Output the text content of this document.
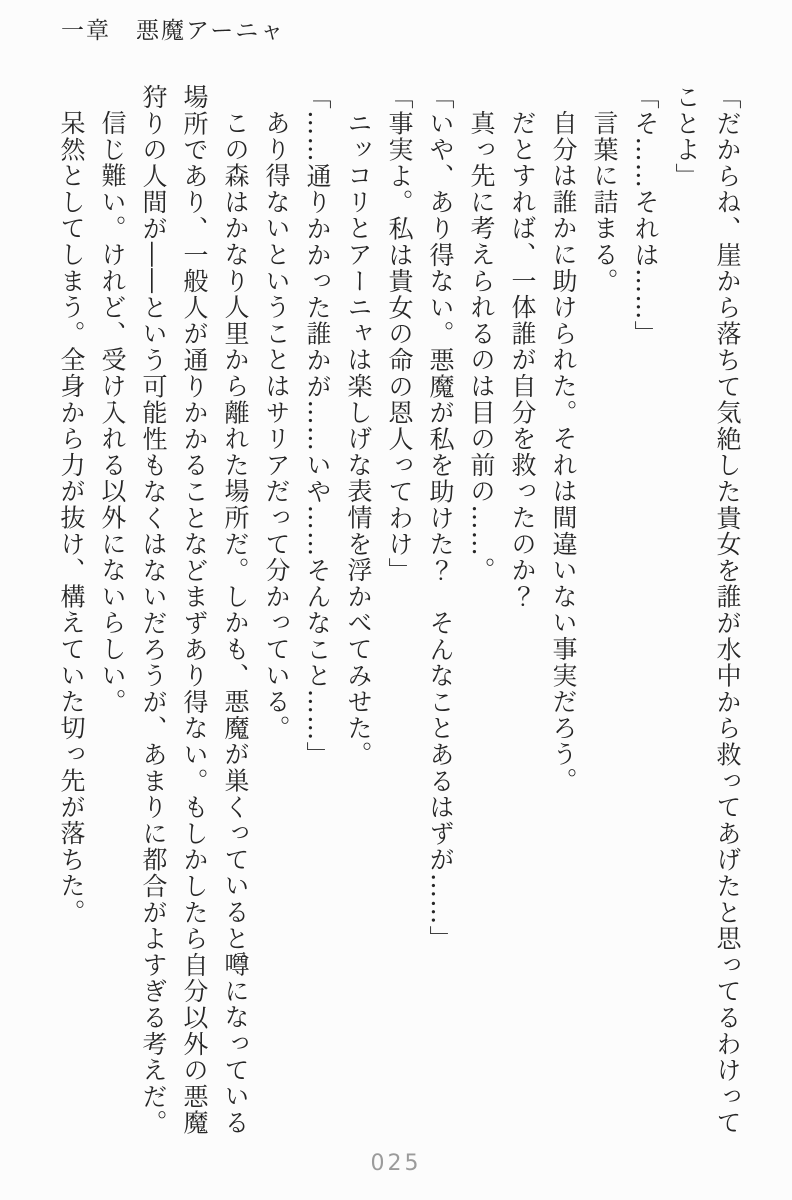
一章　悪魔アーニャ

「だからね、崖から落ちて気絶した貴女を誰が水中から救ってあげたと思ってるわけってことよ」

「そ……それは……」

言葉に詰まる。

自分は誰かに助けられた。それは間違いない事実だろう。

だとすれば、一体誰が自分を救ったのか？

真っ先に考えられるのは目の前の……。

「いや、あり得ない。悪魔が私を助けた？　そんなことあるはずが……」

「事実よ。私は貴女の命の恩人ってわけ」

ニッコリとアーニャは楽しげな表情を浮かべてみせた。

「……通りかかった誰かが……いや……そんなこと……」

あり得ないということはサリアだって分かっている。

この森はかなり人里から離れた場所だ。しかも、悪魔が巣くっていると噂になっている場所であり、一般人が通りかかることなどまずあり得ない。もしかしたら自分以外の悪魔狩りの人間が――という可能性もなくはないだろうが、あまりに都合がよすぎる考えだ。

信じ難い。けれど、受け入れる以外にないらしい。

呆然としてしまう。全身から力が抜け、構えていた切っ先が落ちた。

025
